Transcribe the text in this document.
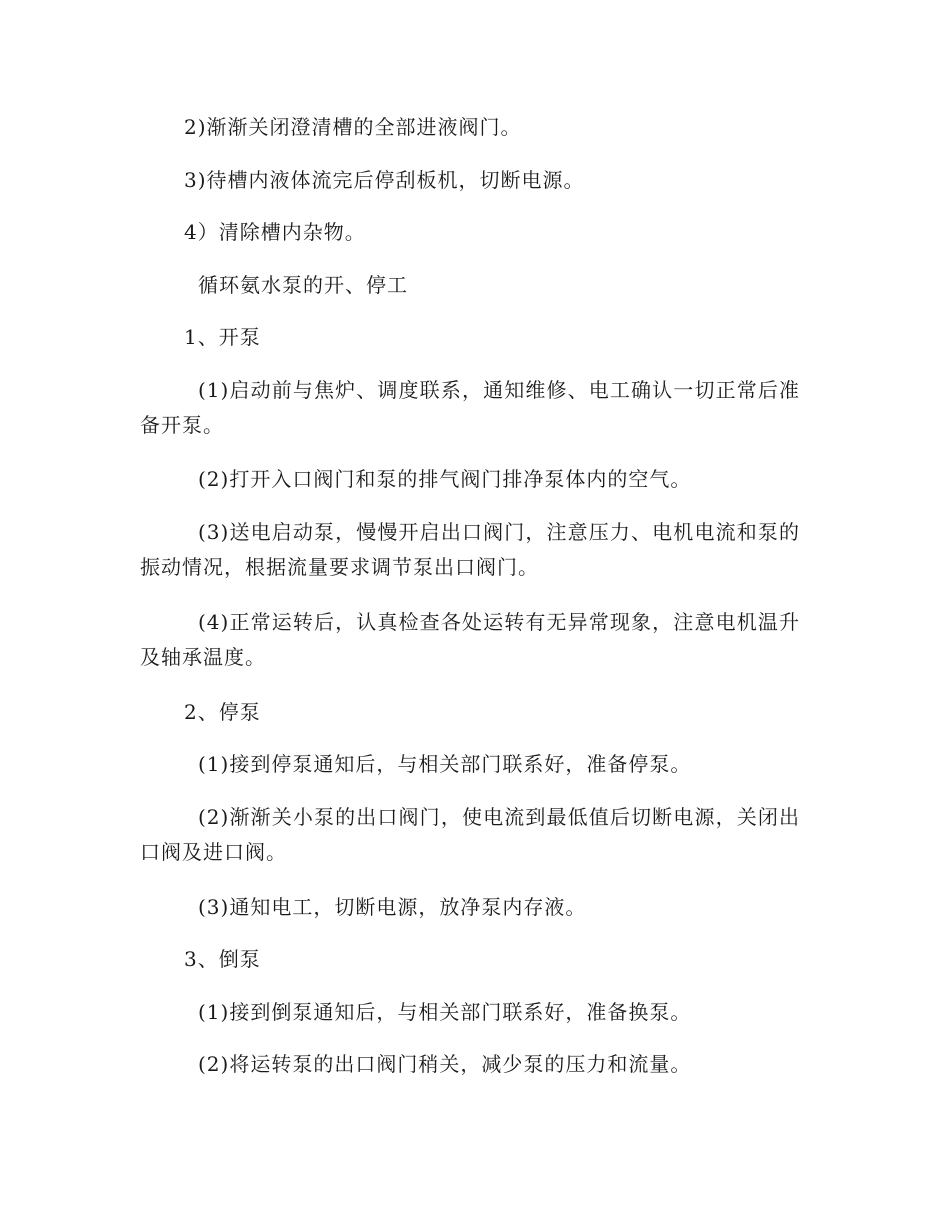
2)渐渐关闭澄清槽的全部进液阀门。
3)待槽内液体流完后停刮板机，切断电源。
4）清除槽内杂物。
循环氨水泵的开、停工
1、开泵
(1)启动前与焦炉、调度联系，通知维修、电工确认一切正常后准备开泵。
(2)打开入口阀门和泵的排气阀门排净泵体内的空气。
(3)送电启动泵，慢慢开启出口阀门，注意压力、电机电流和泵的振动情况，根据流量要求调节泵出口阀门。
(4)正常运转后，认真检查各处运转有无异常现象，注意电机温升及轴承温度。
2、停泵
(1)接到停泵通知后，与相关部门联系好，准备停泵。
(2)渐渐关小泵的出口阀门，使电流到最低值后切断电源，关闭出口阀及进口阀。
(3)通知电工，切断电源，放净泵内存液。
3、倒泵
(1)接到倒泵通知后，与相关部门联系好，准备换泵。
(2)将运转泵的出口阀门稍关，减少泵的压力和流量。
